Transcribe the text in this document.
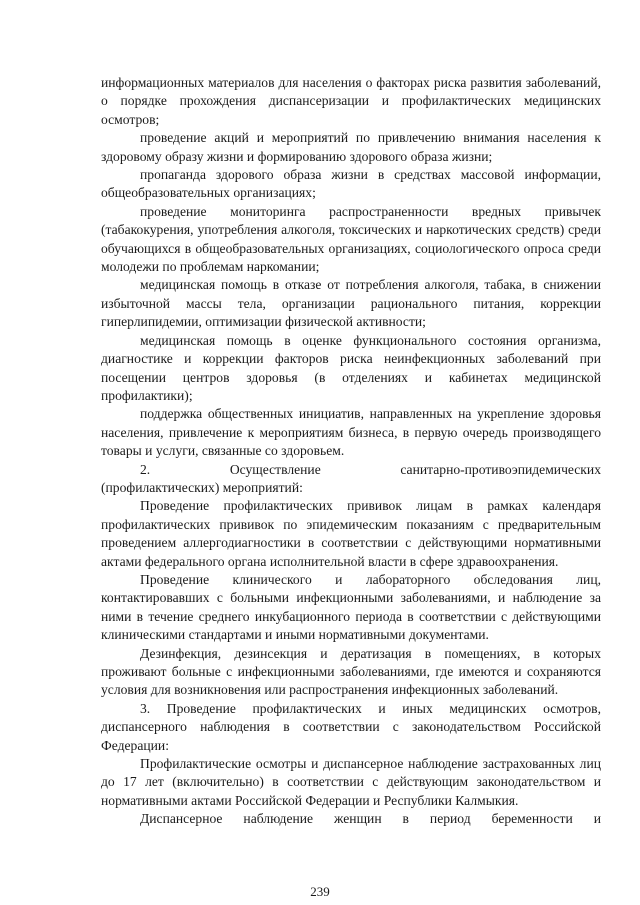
информационных материалов для населения о факторах риска развития заболеваний, о порядке прохождения диспансеризации и профилактических медицинских осмотров;

проведение акций и мероприятий по привлечению внимания населения к здоровому образу жизни и формированию здорового образа жизни;

пропаганда здорового образа жизни в средствах массовой информации, общеобразовательных организациях;

проведение мониторинга распространенности вредных привычек (табакокурения, употребления алкоголя, токсических и наркотических средств) среди обучающихся в общеобразовательных организациях, социологического опроса среди молодежи по проблемам наркомании;

медицинская помощь в отказе от потребления алкоголя, табака, в снижении избыточной массы тела, организации рационального питания, коррекции гиперлипидемии, оптимизации физической активности;

медицинская помощь в оценке функционального состояния организма, диагностике и коррекции факторов риска неинфекционных заболеваний при посещении центров здоровья (в отделениях и кабинетах медицинской профилактики);

поддержка общественных инициатив, направленных на укрепление здоровья населения, привлечение к мероприятиям бизнеса, в первую очередь производящего товары и услуги, связанные со здоровьем.

2.	Осуществление	санитарно-противоэпидемических

(профилактических) мероприятий:

Проведение профилактических прививок лицам в рамках календаря профилактических прививок по эпидемическим показаниям с предварительным проведением аллергодиагностики в соответствии с действующими нормативными актами федерального органа исполнительной власти в сфере здравоохранения.

Проведение клинического и лабораторного обследования лиц, контактировавших с больными инфекционными заболеваниями, и наблюдение за ними в течение среднего инкубационного периода в соответствии с действующими клиническими стандартами и иными нормативными документами.

Дезинфекция, дезинсекция и дератизация в помещениях, в которых проживают больные с инфекционными заболеваниями, где имеются и сохраняются условия для возникновения или распространения инфекционных заболеваний.

3. Проведение профилактических и иных медицинских осмотров, диспансерного наблюдения в соответствии с законодательством Российской Федерации:

Профилактические осмотры и диспансерное наблюдение застрахованных лиц до 17 лет (включительно) в соответствии с действующим законодательством и нормативными актами Российской Федерации и Республики Калмыкия.

Диспансерное наблюдение женщин в период беременности и

239
